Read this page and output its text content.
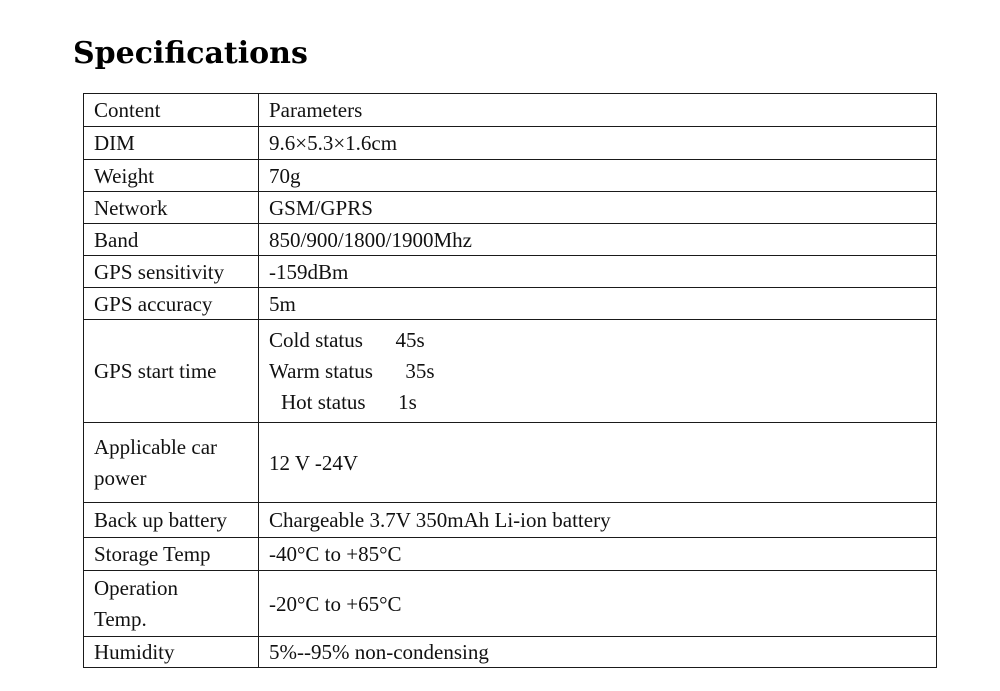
Specifications
Content	Parameters
DIM	9.6×5.3×1.6cm
Weight	70g
Network	GSM/GPRS
Band	850/900/1800/1900Mhz
GPS sensitivity	-159dBm
GPS accuracy	5m
GPS start time	Cold status 45s
Warm status 35s
Hot status 1s

Applicable car
power	12 V -24V
Back up battery	Chargeable 3.7V 350mAh Li-ion battery
Storage Temp	-40°C to +85°C

Operation
Temp.	-20°C to +65°C
Humidity	5%--95% non-condensing
